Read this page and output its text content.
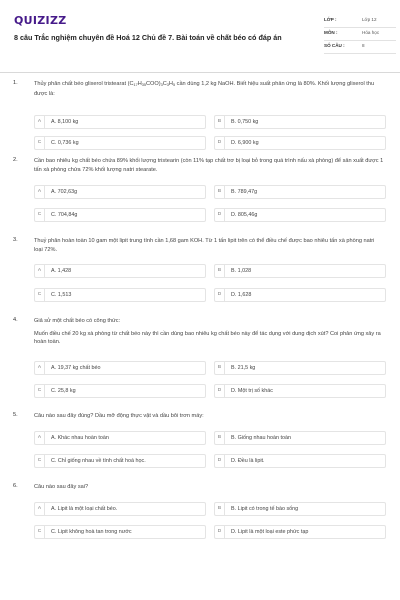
QUIZIZZ
8 câu Trắc nghiệm chuyên đề Hoá 12 Chủ đề 7. Bài toán về chất béo có đáp án
LỚP :	Lớp 12
MÔN :	Hóa học
SỐ CÂU :	8
1.	Thủy phân chất béo glixerol tristearat $(C_{17}H_{35}COO)_3C_3H_5$ cần dùng 1,2 kg NaOH. Biết hiệu suất phản ứng là 80%. Khối lượng glixerol thu được là:
A	A. 8,100 kg	B	B. 0,750 kg
C	C. 0,736 kg	D	D. 6,900 kg
2.	Cần bao nhiêu kg chất béo chứa 89% khối lượng tristearin (còn 11% tạp chất trơ bị loại bỏ trong quá trình nấu xà phòng) để sản xuất được 1 tấn xà phòng chứa 72% khối lượng natri stearate.
A	A. 702,63g	B	B. 789,47g
C	C. 704,84g	D	D. 805,46g
3.	Thuỷ phân hoàn toàn 10 gam một lipit trung tính cần 1,68 gam KOH. Từ 1 tấn lipit trên có thể điều chế được bao nhiêu tấn xà phòng natri loại 72%.
A	A. 1,428	B	B. 1,028
C	C. 1,513	D	D. 1,628
4.	Giả sử một chất béo có công thức:

Muốn điều chế 20 kg xà phòng từ chất béo này thì cần dùng bao nhiêu kg chất béo này để tác dụng với dung dịch xút? Coi phản ứng xảy ra hoàn toàn.

A	A. 19,37 kg chất béo	B	B. 21,5 kg
C	C. 25,8 kg	D	D. Một trị số khác
5.	Câu nào sau đây đúng? Dầu mỡ động thực vật và dầu bôi trơn máy:
A	A. Khác nhau hoàn toàn	B	B. Giống nhau hoàn toàn
C	C. Chỉ giống nhau về tính chất hoá học.	D	D. Đều là lipit.
6.	Câu nào sau đây sai?
A	A. Lipit là một loại chất béo.	B	B. Lipit có trong tế bào sống
C	C. Lipit không hoà tan trong nước	D	D. Lipit là một loại este phức tạp
